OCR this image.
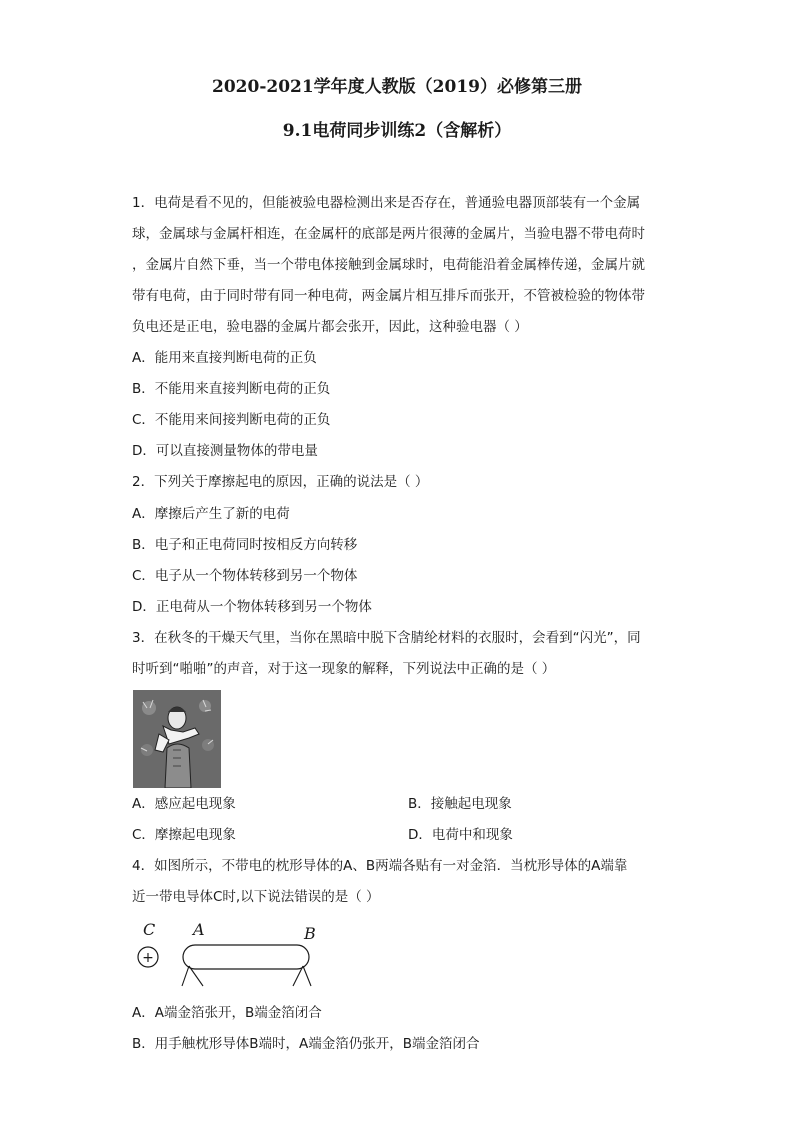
2020-2021学年度人教版（2019）必修第三册
9.1电荷同步训练2（含解析）
1．电荷是看不见的，但能被验电器检测出来是否存在，普通验电器顶部装有一个金属
球，金属球与金属杆相连，在金属杆的底部是两片很薄的金属片，当验电器不带电荷时
，金属片自然下垂，当一个带电体接触到金属球时，电荷能沿着金属棒传递，金属片就
带有电荷，由于同时带有同一种电荷，两金属片相互排斥而张开，不管被检验的物体带
负电还是正电，验电器的金属片都会张开，因此，这种验电器（ ）
A．能用来直接判断电荷的正负
B．不能用来直接判断电荷的正负
C．不能用来间接判断电荷的正负
D．可以直接测量物体的带电量
2．下列关于摩擦起电的原因，正确的说法是（ ）
A．摩擦后产生了新的电荷
B．电子和正电荷同时按相反方向转移
C．电子从一个物体转移到另一个物体
D．正电荷从一个物体转移到另一个物体
3．在秋冬的干燥天气里，当你在黑暗中脱下含腈纶材料的衣服时，会看到“闪光”，同
时听到“啪啪”的声音，对于这一现象的解释，下列说法中正确的是（ ）
A．感应起电现象	B．接触起电现象
C．摩擦起电现象	D．电荷中和现象
4．如图所示，不带电的枕形导体的A、B两端各贴有一对金箔．当枕形导体的A端靠
近一带电导体C时,以下说法错误的是（ ）
C
+
A	B
A．A端金箔张开，B端金箔闭合
B．用手触枕形导体B端时，A端金箔仍张开，B端金箔闭合
